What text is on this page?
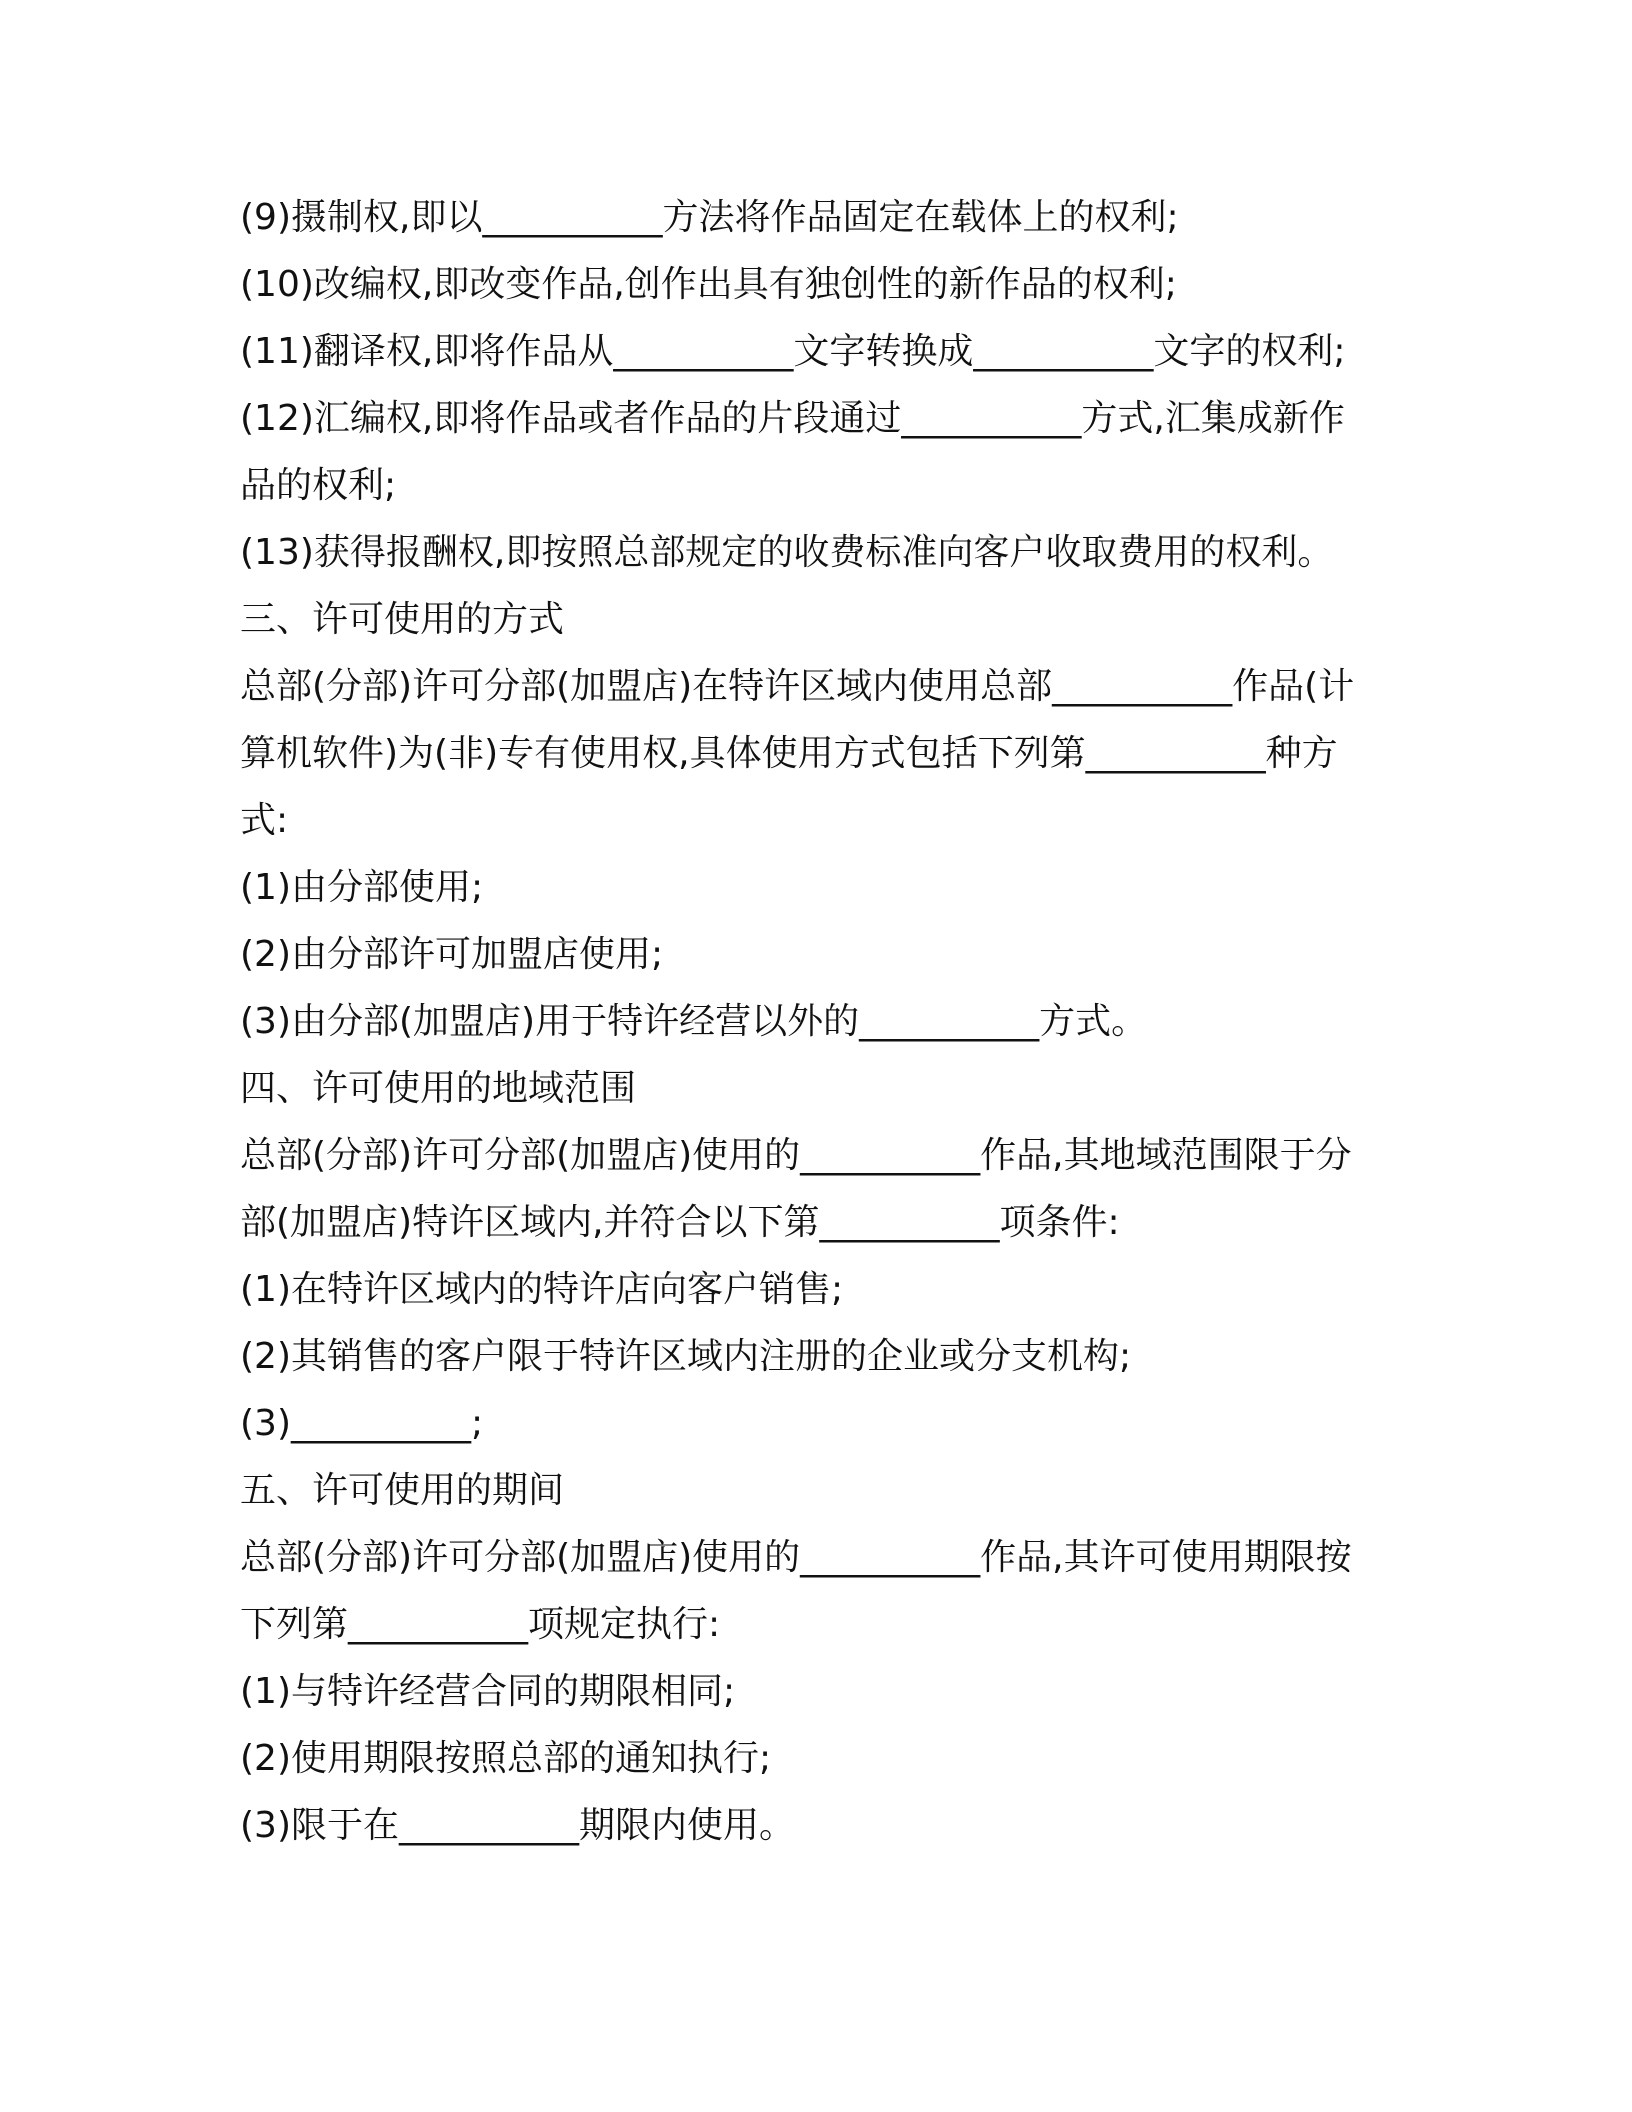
(9)摄制权,即以__________方法将作品固定在载体上的权利;
(10)改编权,即改变作品,创作出具有独创性的新作品的权利;
(11)翻译权,即将作品从__________文字转换成__________文字的权利;
(12)汇编权,即将作品或者作品的片段通过__________方式,汇集成新作
品的权利;
(13)获得报酬权,即按照总部规定的收费标准向客户收取费用的权利。
三、许可使用的方式
总部(分部)许可分部(加盟店)在特许区域内使用总部__________作品(计
算机软件)为(非)专有使用权,具体使用方式包括下列第__________种方
式:
(1)由分部使用;
(2)由分部许可加盟店使用;
(3)由分部(加盟店)用于特许经营以外的__________方式。
四、许可使用的地域范围
总部(分部)许可分部(加盟店)使用的__________作品,其地域范围限于分
部(加盟店)特许区域内,并符合以下第__________项条件:
(1)在特许区域内的特许店向客户销售;
(2)其销售的客户限于特许区域内注册的企业或分支机构;
(3)__________;
五、许可使用的期间
总部(分部)许可分部(加盟店)使用的__________作品,其许可使用期限按
下列第__________项规定执行:
(1)与特许经营合同的期限相同;
(2)使用期限按照总部的通知执行;
(3)限于在__________期限内使用。
